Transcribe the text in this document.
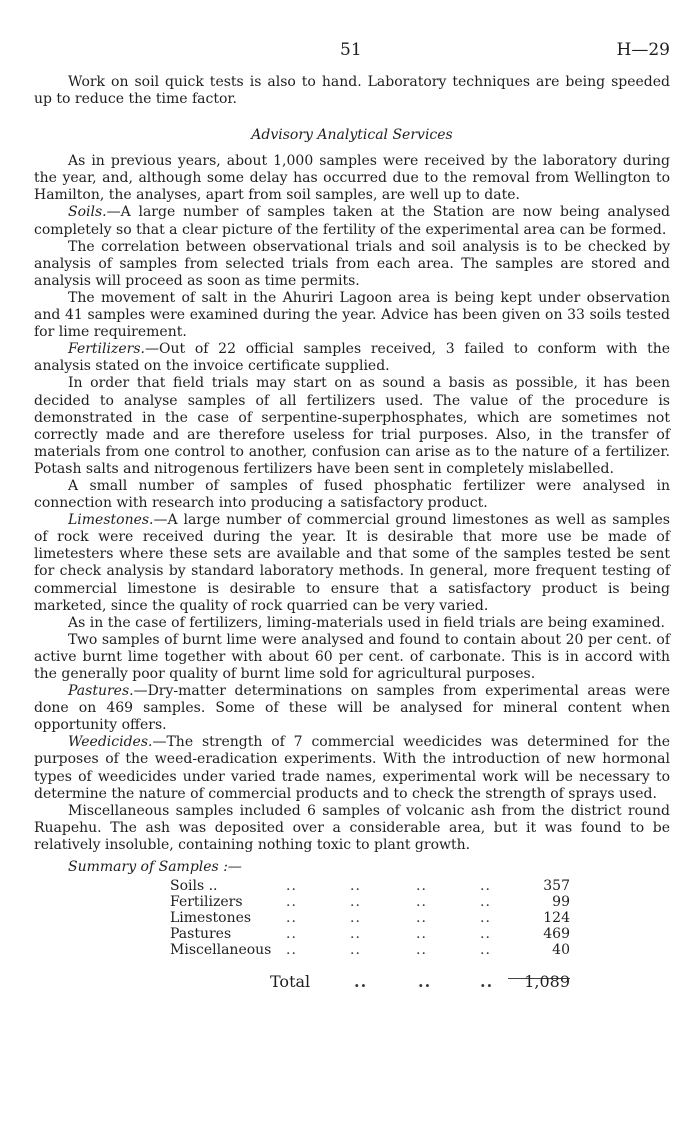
51	H—29

Work on soil quick tests is also to hand. Laboratory techniques are being speeded up to reduce the time factor.

Advisory Analytical Services

As in previous years, about 1,000 samples were received by the laboratory during the year, and, although some delay has occurred due to the removal from Wellington to Hamilton, the analyses, apart from soil samples, are well up to date.

Soils.—A large number of samples taken at the Station are now being analysed completely so that a clear picture of the fertility of the experimental area can be formed.

The correlation between observational trials and soil analysis is to be checked by analysis of samples from selected trials from each area. The samples are stored and analysis will proceed as soon as time permits.

The movement of salt in the Ahuriri Lagoon area is being kept under observation and 41 samples were examined during the year. Advice has been given on 33 soils tested for lime requirement.

Fertilizers.—Out of 22 official samples received, 3 failed to conform with the analysis stated on the invoice certificate supplied.

In order that field trials may start on as sound a basis as possible, it has been decided to analyse samples of all fertilizers used. The value of the procedure is demonstrated in the case of serpentine-superphosphates, which are sometimes not correctly made and are therefore useless for trial purposes. Also, in the transfer of materials from one control to another, confusion can arise as to the nature of a fertilizer. Potash salts and nitrogenous fertilizers have been sent in completely mislabelled.

A small number of samples of fused phosphatic fertilizer were analysed in connection with research into producing a satisfactory product.

Limestones.—A large number of commercial ground limestones as well as samples of rock were received during the year. It is desirable that more use be made of limetesters where these sets are available and that some of the samples tested be sent for check analysis by standard laboratory methods. In general, more frequent testing of commercial limestone is desirable to ensure that a satisfactory product is being marketed, since the quality of rock quarried can be very varied.

As in the case of fertilizers, liming-materials used in field trials are being examined.

Two samples of burnt lime were analysed and found to contain about 20 per cent. of active burnt lime together with about 60 per cent. of carbonate. This is in accord with the generally poor quality of burnt lime sold for agricultural purposes.

Pastures.—Dry-matter determinations on samples from experimental areas were done on 469 samples. Some of these will be analysed for mineral content when opportunity offers.

Weedicides.—The strength of 7 commercial weedicides was determined for the purposes of the weed-eradication experiments. With the introduction of new hormonal types of weedicides under varied trade names, experimental work will be necessary to determine the nature of commercial products and to check the strength of sprays used.

Miscellaneous samples included 6 samples of volcanic ash from the district round Ruapehu. The ash was deposited over a considerable area, but it was found to be relatively insoluble, containing nothing toxic to plant growth.

Summary of Samples :—
Soils ..	..	..	..	..	357
Fertilizers	..	..	..	..	99
Limestones ..	..	..	..	124
Pastures	..	..	..	..	469
Miscellaneous ..	..	..	..	40
Total	..	..	.. 1,089
